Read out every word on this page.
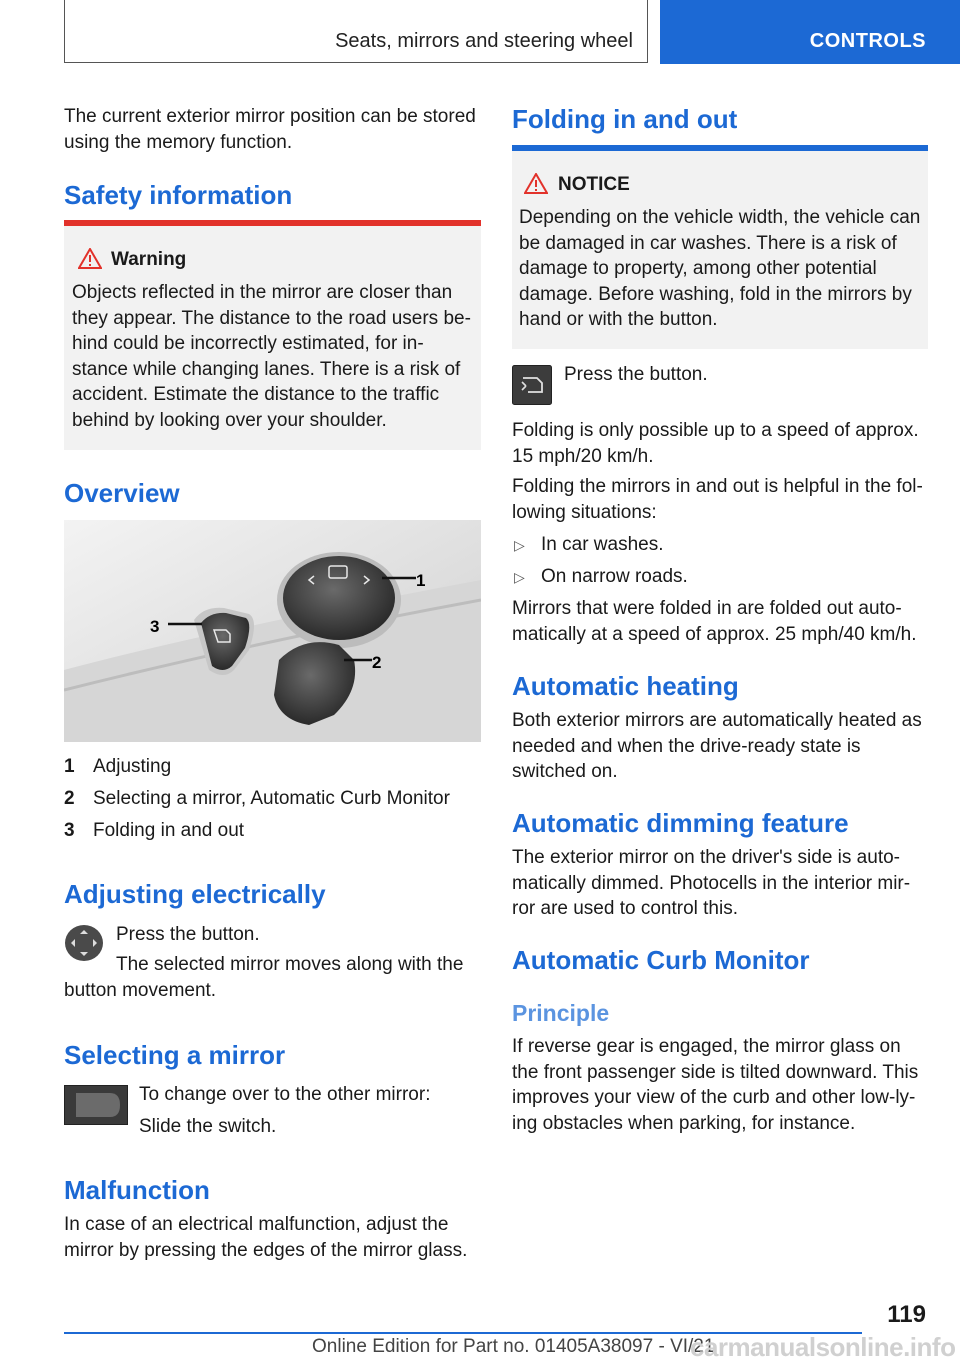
Seats, mirrors and steering wheel	CONTROLS

The current exterior mirror position can be stored using the memory function.

Safety information
Warning

Objects reflected in the mirror are closer than they appear. The distance to the road users be-hind could be incorrectly estimated, for in-stance while changing lanes. There is a risk of accident. Estimate the distance to the traffic behind by looking over your shoulder.

Overview
1
2
3
1 Adjusting
2 Selecting a mirror, Automatic Curb Monitor
3 Folding in and out
Adjusting electrically

Press the button.

The selected mirror moves along with the button movement.

Selecting a mirror

To change over to the other mirror:

Slide the switch.

Malfunction

In case of an electrical malfunction, adjust the mirror by pressing the edges of the mirror glass.

Folding in and out
NOTICE

Depending on the vehicle width, the vehicle can be damaged in car washes. There is a risk of damage to property, among other potential damage. Before washing, fold in the mirrors by hand or with the button.

Press the button.

Folding is only possible up to a speed of approx. 15 mph/20 km/h.

Folding the mirrors in and out is helpful in the fol-lowing situations:

▷ In car washes.
▷ On narrow roads.

Mirrors that were folded in are folded out auto-matically at a speed of approx. 25 mph/40 km/h.

Automatic heating

Both exterior mirrors are automatically heated as needed and when the drive-ready state is switched on.

Automatic dimming feature

The exterior mirror on the driver's side is auto-matically dimmed. Photocells in the interior mir-ror are used to control this.

Automatic Curb Monitor
Principle

If reverse gear is engaged, the mirror glass on the front passenger side is tilted downward. This improves your view of the curb and other low-ly-ing obstacles when parking, for instance.

119
Online Edition for Part no. 01405A38097 - VI/21
carmanualsonline.info
